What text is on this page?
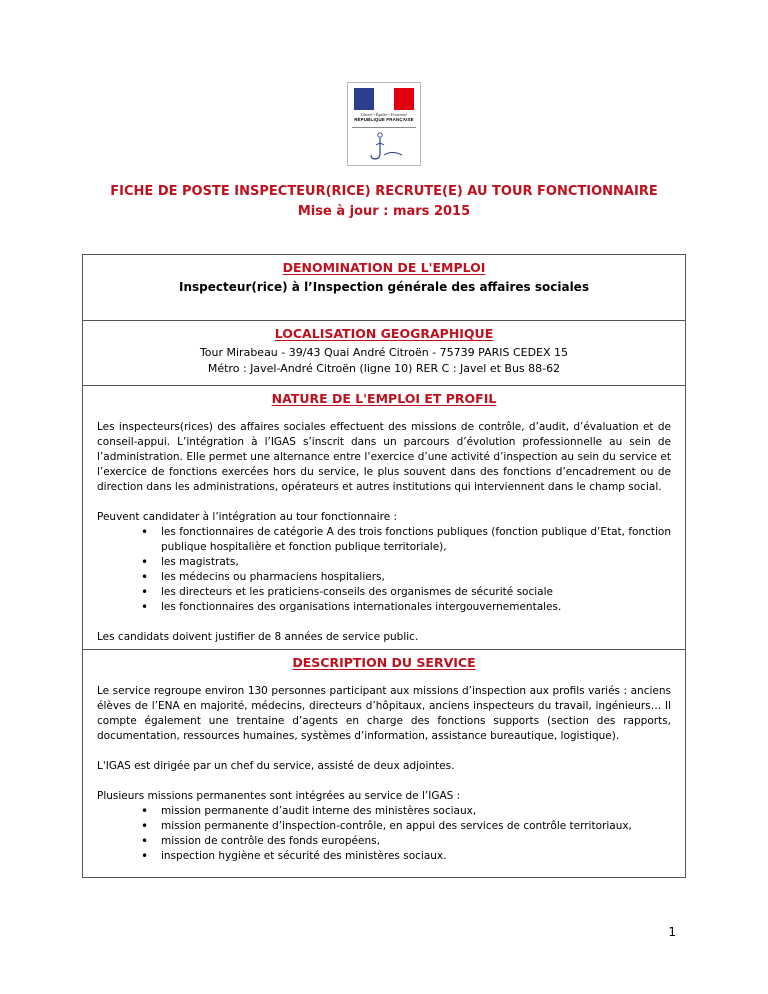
Liberté • Égalité • Fraternité
RÉPUBLIQUE FRANÇAISE
FICHE DE POSTE INSPECTEUR(RICE) RECRUTE(E) AU TOUR FONCTIONNAIRE
Mise à jour : mars 2015
DENOMINATION DE L'EMPLOI
Inspecteur(rice) à l’Inspection générale des affaires sociales
LOCALISATION GEOGRAPHIQUE
Tour Mirabeau - 39/43 Quai André Citroën - 75739 PARIS CEDEX 15
Métro : Javel-André Citroën (ligne 10) RER C : Javel et Bus 88-62
NATURE DE L'EMPLOI ET PROFIL

Les inspecteurs(rices) des affaires sociales effectuent des missions de contrôle, d’audit, d’évaluation et de conseil-appui. L’intégration à l’IGAS s’inscrit dans un parcours d’évolution professionnelle au sein de l’administration. Elle permet une alternance entre l’exercice d’une activité d’inspection au sein du service et l’exercice de fonctions exercées hors du service, le plus souvent dans des fonctions d’encadrement ou de direction dans les administrations, opérateurs et autres institutions qui interviennent dans le champ social.

Peuvent candidater à l’intégration au tour fonctionnaire :

• les fonctionnaires de catégorie A des trois fonctions publiques (fonction publique d’Etat, fonction publique hospitalière et fonction publique territoriale),
• les magistrats,
• les médecins ou pharmaciens hospitaliers,
• les directeurs et les praticiens-conseils des organismes de sécurité sociale
• les fonctionnaires des organisations internationales intergouvernementales.

Les candidats doivent justifier de 8 années de service public.

DESCRIPTION DU SERVICE

Le service regroupe environ 130 personnes participant aux missions d’inspection aux profils variés : anciens élèves de l’ENA en majorité, médecins, directeurs d’hôpitaux, anciens inspecteurs du travail, ingénieurs… Il compte également une trentaine d’agents en charge des fonctions supports (section des rapports, documentation, ressources humaines, systèmes d’information, assistance bureautique, logistique).

L'IGAS est dirigée par un chef du service, assisté de deux adjointes.

Plusieurs missions permanentes sont intégrées au service de l’IGAS :

• mission permanente d’audit interne des ministères sociaux,
• mission permanente d’inspection-contrôle, en appui des services de contrôle territoriaux,
• mission de contrôle des fonds européens,
• inspection hygiène et sécurité des ministères sociaux.
1
